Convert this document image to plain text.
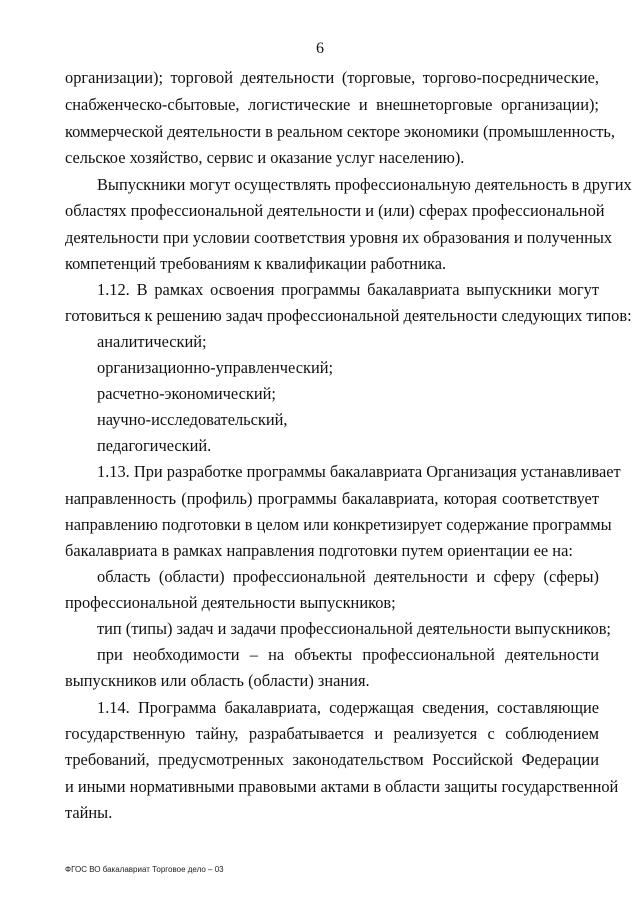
6
организации); торговой деятельности (торговые, торгово-посреднические,
снабженческо-сбытовые, логистические и внешнеторговые организации);
коммерческой деятельности в реальном секторе экономики (промышленность,
сельское хозяйство, сервис и оказание услуг населению).
Выпускники могут осуществлять профессиональную деятельность в других
областях профессиональной деятельности и (или) сферах профессиональной
деятельности при условии соответствия уровня их образования и полученных
компетенций требованиям к квалификации работника.
1.12. В рамках освоения программы бакалавриата выпускники могут
готовиться к решению задач профессиональной деятельности следующих типов:
аналитический;
организационно-управленческий;
расчетно-экономический;
научно-исследовательский,
педагогический.
1.13. При разработке программы бакалавриата Организация устанавливает
направленность (профиль) программы бакалавриата, которая соответствует
направлению подготовки в целом или конкретизирует содержание программы
бакалавриата в рамках направления подготовки путем ориентации ее на:
область (области) профессиональной деятельности и сферу (сферы)
профессиональной деятельности выпускников;
тип (типы) задач и задачи профессиональной деятельности выпускников;
при необходимости – на объекты профессиональной деятельности
выпускников или область (области) знания.
1.14. Программа бакалавриата, содержащая сведения, составляющие
государственную тайну, разрабатывается и реализуется с соблюдением
требований, предусмотренных законодательством Российской Федерации
и иными нормативными правовыми актами в области защиты государственной
тайны.
ФГОС ВО бакалавриат Торговое дело – 03
